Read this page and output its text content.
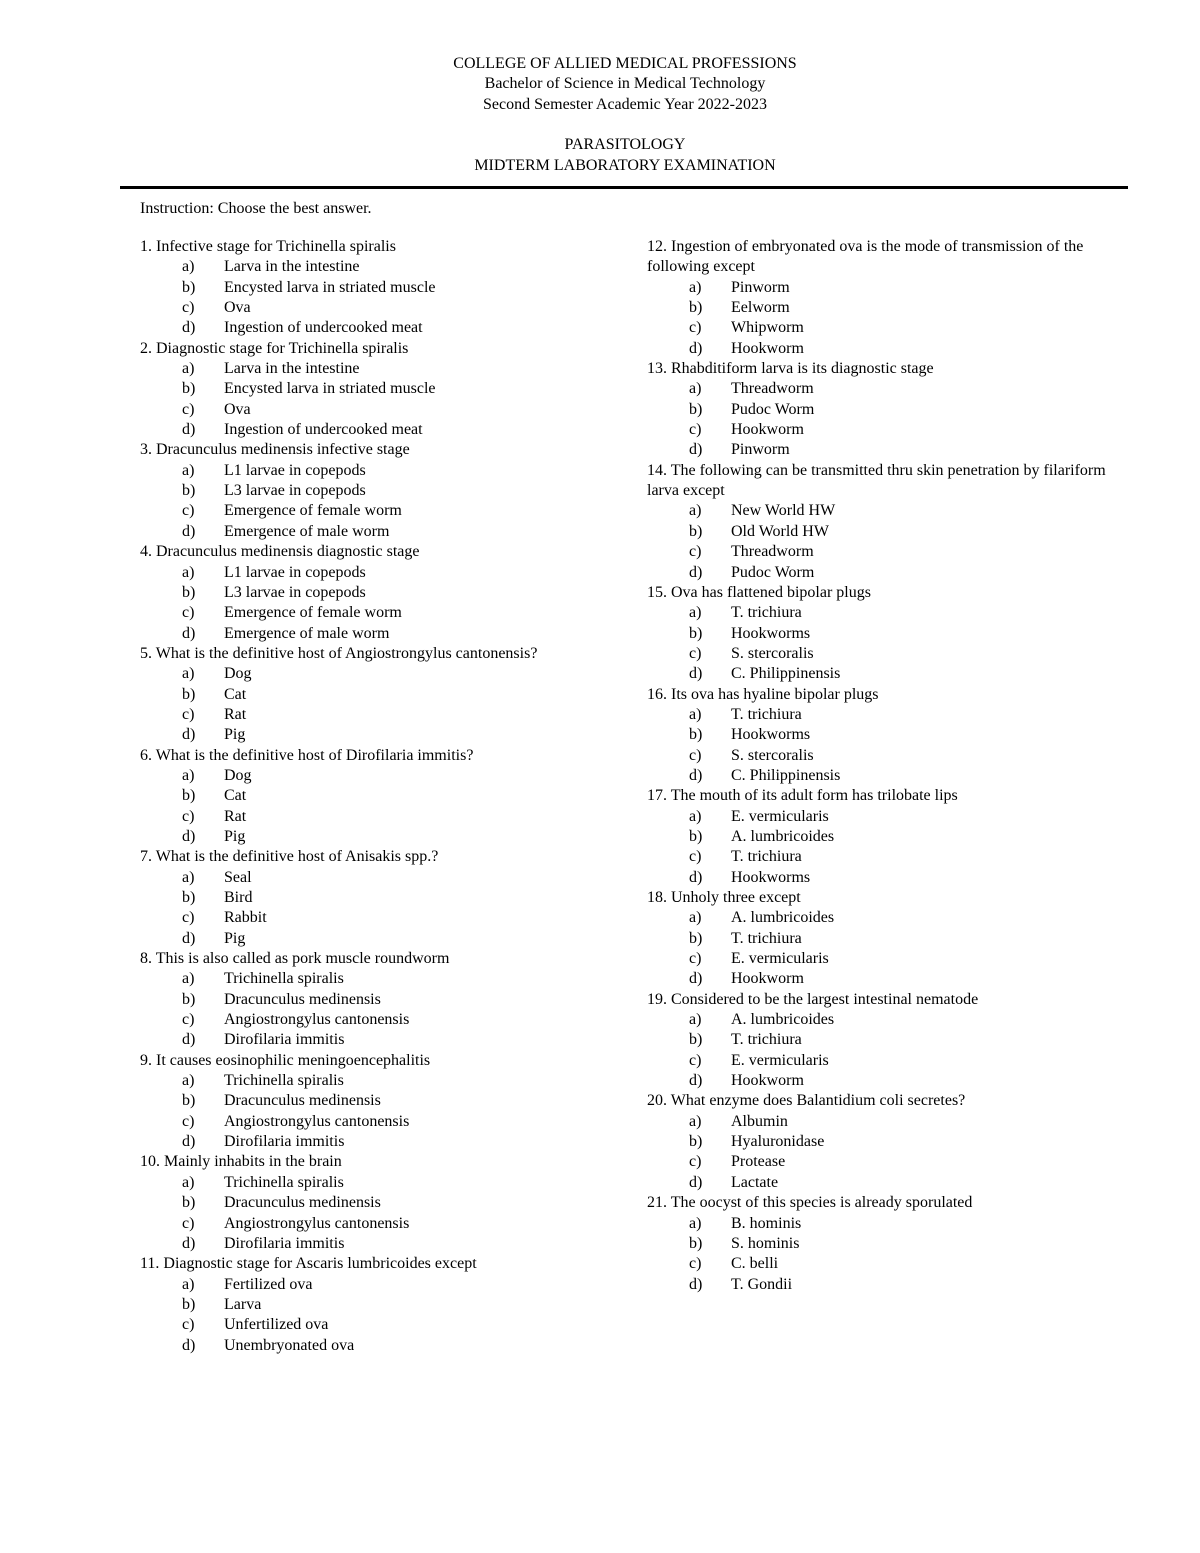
COLLEGE OF ALLIED MEDICAL PROFESSIONS
Bachelor of Science in Medical Technology
Second Semester Academic Year 2022-2023
PARASITOLOGY
MIDTERM LABORATORY EXAMINATION
Instruction: Choose the best answer.
1. Infective stage for Trichinella spiralis
a)	Larva in the intestine
b)	Encysted larva in striated muscle
c)	Ova
d)	Ingestion of undercooked meat
2. Diagnostic stage for Trichinella spiralis
a)	Larva in the intestine
b)	Encysted larva in striated muscle
c)	Ova
d)	Ingestion of undercooked meat
3. Dracunculus medinensis infective stage
a)	L1 larvae in copepods
b)	L3 larvae in copepods
c)	Emergence of female worm
d)	Emergence of male worm
4. Dracunculus medinensis diagnostic stage
a)	L1 larvae in copepods
b)	L3 larvae in copepods
c)	Emergence of female worm
d)	Emergence of male worm
5. What is the definitive host of Angiostrongylus cantonensis?
a)	Dog
b)	Cat
c)	Rat
d)	Pig
6. What is the definitive host of Dirofilaria immitis?
a)	Dog
b)	Cat
c)	Rat
d)	Pig
7. What is the definitive host of Anisakis spp.?
a)	Seal
b)	Bird
c)	Rabbit
d)	Pig
8. This is also called as pork muscle roundworm
a)	Trichinella spiralis
b)	Dracunculus medinensis
c)	Angiostrongylus cantonensis
d)	Dirofilaria immitis
9. It causes eosinophilic meningoencephalitis
a)	Trichinella spiralis
b)	Dracunculus medinensis
c)	Angiostrongylus cantonensis
d)	Dirofilaria immitis
10. Mainly inhabits in the brain
a)	Trichinella spiralis
b)	Dracunculus medinensis
c)	Angiostrongylus cantonensis
d)	Dirofilaria immitis
11. Diagnostic stage for Ascaris lumbricoides except
a)	Fertilized ova
b)	Larva
c)	Unfertilized ova
d)	Unembryonated ova
12. Ingestion of embryonated ova is the mode of transmission of the following except
a)	Pinworm
b)	Eelworm
c)	Whipworm
d)	Hookworm
13. Rhabditiform larva is its diagnostic stage
a)	Threadworm
b)	Pudoc Worm
c)	Hookworm
d)	Pinworm
14. The following can be transmitted thru skin penetration by filariform larva except
a)	New World HW
b)	Old World HW
c)	Threadworm
d)	Pudoc Worm
15. Ova has flattened bipolar plugs
a)	T. trichiura
b)	Hookworms
c)	S. stercoralis
d)	C. Philippinensis
16. Its ova has hyaline bipolar plugs
a)	T. trichiura
b)	Hookworms
c)	S. stercoralis
d)	C. Philippinensis
17. The mouth of its adult form has trilobate lips
a)	E. vermicularis
b)	A. lumbricoides
c)	T. trichiura
d)	Hookworms
18. Unholy three except
a)	A. lumbricoides
b)	T. trichiura
c)	E. vermicularis
d)	Hookworm
19. Considered to be the largest intestinal nematode
a)	A. lumbricoides
b)	T. trichiura
c)	E. vermicularis
d)	Hookworm
20. What enzyme does Balantidium coli secretes?
a)	Albumin
b)	Hyaluronidase
c)	Protease
d)	Lactate
21. The oocyst of this species is already sporulated
a)	B. hominis
b)	S. hominis
c)	C. belli
d)	T. Gondii
